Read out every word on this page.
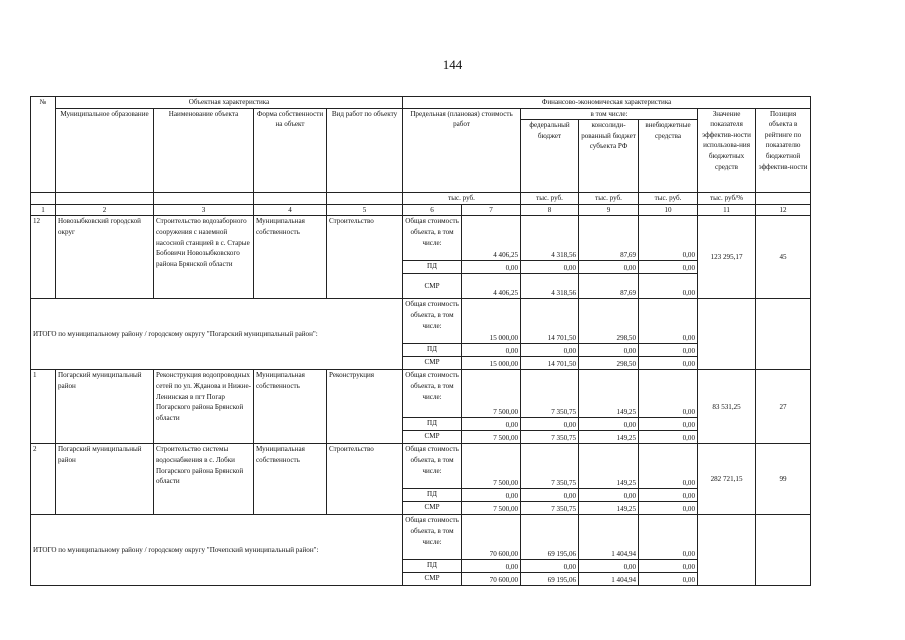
144
№	Объектная характеристика				Финансово-экономическая характеристика						
	Муниципальное образование	Наименование объекта	Форма собственности на объект	Вид работ по объекту	Предельная (плановая) стоимость работ		в том числе:			Значение показателя эффектив-ности использова-ния бюджетных средств	Позиция объекта в рейтинге по показателю бюджетной эффектив-ности
							федеральный бюджет	консолиди-рованный бюджет субъекта РФ	внебюджетные средства		
					тыс. руб.		тыс. руб.	тыс. руб.	тыс. руб.	тыс. руб/%	
1	2	3	4	5	6	7	8	9	10	11	12
12	Новозыбковский городской округ	Строительство водозаборного сооружения с наземной насосной станцией в с. Старые Бобовичи Новозыбковского района Брянской области	Муниципальная собственность	Строительство	Общая стоимость объекта, в том числе:	4 406,25	4 318,56	87,69	0,00	123 295,17	45
					ПД	0,00	0,00	0,00	0,00		
					СМР	4 406,25	4 318,56	87,69	0,00		
ИТОГО по муниципальному району / городскому округу "Погарский муниципальный район":					Общая стоимость объекта, в том числе:	15 000,00	14 701,50	298,50	0,00		
					ПД	0,00	0,00	0,00	0,00		
					СМР	15 000,00	14 701,50	298,50	0,00		
1	Погарский муниципальный район	Реконструкция водопроводных сетей по ул. Жданова и Нижне-Ленинская в пгт Погар Погарского района Брянской области	Муниципальная собственность	Реконструкция	Общая стоимость объекта, в том числе:	7 500,00	7 350,75	149,25	0,00	83 531,25	27
					ПД	0,00	0,00	0,00	0,00		
					СМР	7 500,00	7 350,75	149,25	0,00		
2	Погарский муниципальный район	Строительство системы водоснабжения в с. Лобки Погарского района Брянской области	Муниципальная собственность	Строительство	Общая стоимость объекта, в том числе:	7 500,00	7 350,75	149,25	0,00	282 721,15	99
					ПД	0,00	0,00	0,00	0,00		
					СМР	7 500,00	7 350,75	149,25	0,00		
ИТОГО по муниципальному району / городскому округу "Почепский муниципальный район":					Общая стоимость объекта, в том числе:	70 600,00	69 195,06	1 404,94	0,00		
					ПД	0,00	0,00	0,00	0,00		
					СМР	70 600,00	69 195,06	1 404,94	0,00		
